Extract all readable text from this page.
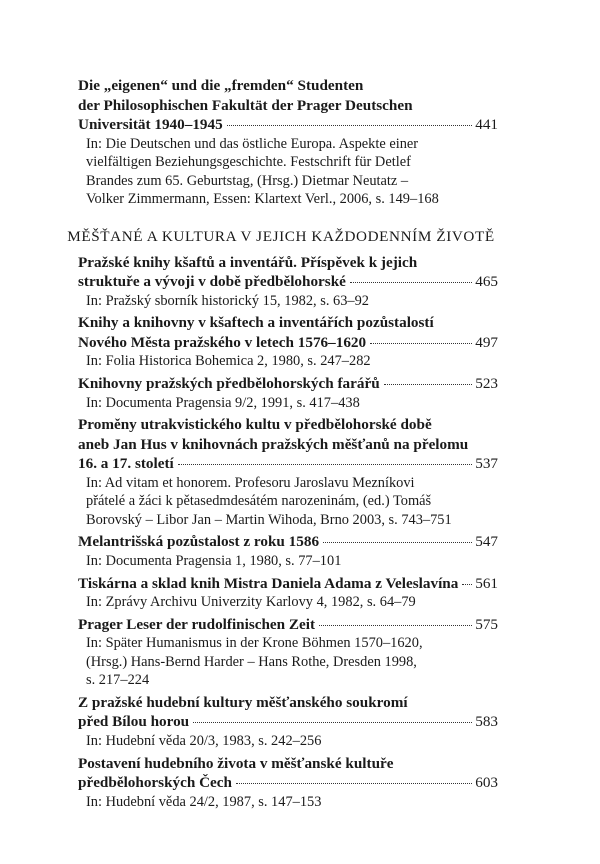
Die „eigenen“ und die „fremden“ Studenten
der Philosophischen Fakultät der Prager Deutschen
Universität 1940–1945	441
In: Die Deutschen und das östliche Europa. Aspekte einer
vielfältigen Beziehungsgeschichte. Festschrift für Detlef
Brandes zum 65. Geburtstag, (Hrsg.) Dietmar Neutatz –
Volker Zimmermann, Essen: Klartext Verl., 2006, s. 149–168
MĚŠŤANÉ A KULTURA V JEJICH KAŽDODENNÍM ŽIVOTĚ
Pražské knihy kšaftů a inventářů. Příspěvek k jejich
struktuře a vývoji v době předbělohorské	465
In: Pražský sborník historický 15, 1982, s. 63–92
Knihy a knihovny v kšaftech a inventářích pozůstalostí
Nového Města pražského v letech 1576–1620	497
In: Folia Historica Bohemica 2, 1980, s. 247–282
Knihovny pražských předbělohorských farářů	523
In: Documenta Pragensia 9/2, 1991, s. 417–438
Proměny utrakvistického kultu v předbělohorské době
aneb Jan Hus v knihovnách pražských měšťanů na přelomu
16. a 17. století	537
In: Ad vitam et honorem. Profesoru Jaroslavu Mezníkovi
přátelé a žáci k pětasedmdesátém narozeninám, (ed.) Tomáš
Borovský – Libor Jan – Martin Wihoda, Brno 2003, s. 743–751
Melantrišská pozůstalost z roku 1586	547
In: Documenta Pragensia 1, 1980, s. 77–101
Tiskárna a sklad knih Mistra Daniela Adama z Veleslavína 561
In: Zprávy Archivu Univerzity Karlovy 4, 1982, s. 64–79
Prager Leser der rudolfinischen Zeit	575
In: Später Humanismus in der Krone Böhmen 1570–1620,
(Hrsg.) Hans-Bernd Harder – Hans Rothe, Dresden 1998,
s. 217–224
Z pražské hudební kultury měšťanského soukromí
před Bílou horou	583
In: Hudební věda 20/3, 1983, s. 242–256
Postavení hudebního života v měšťanské kultuře
předbělohorských Čech	603
In: Hudební věda 24/2, 1987, s. 147–153
